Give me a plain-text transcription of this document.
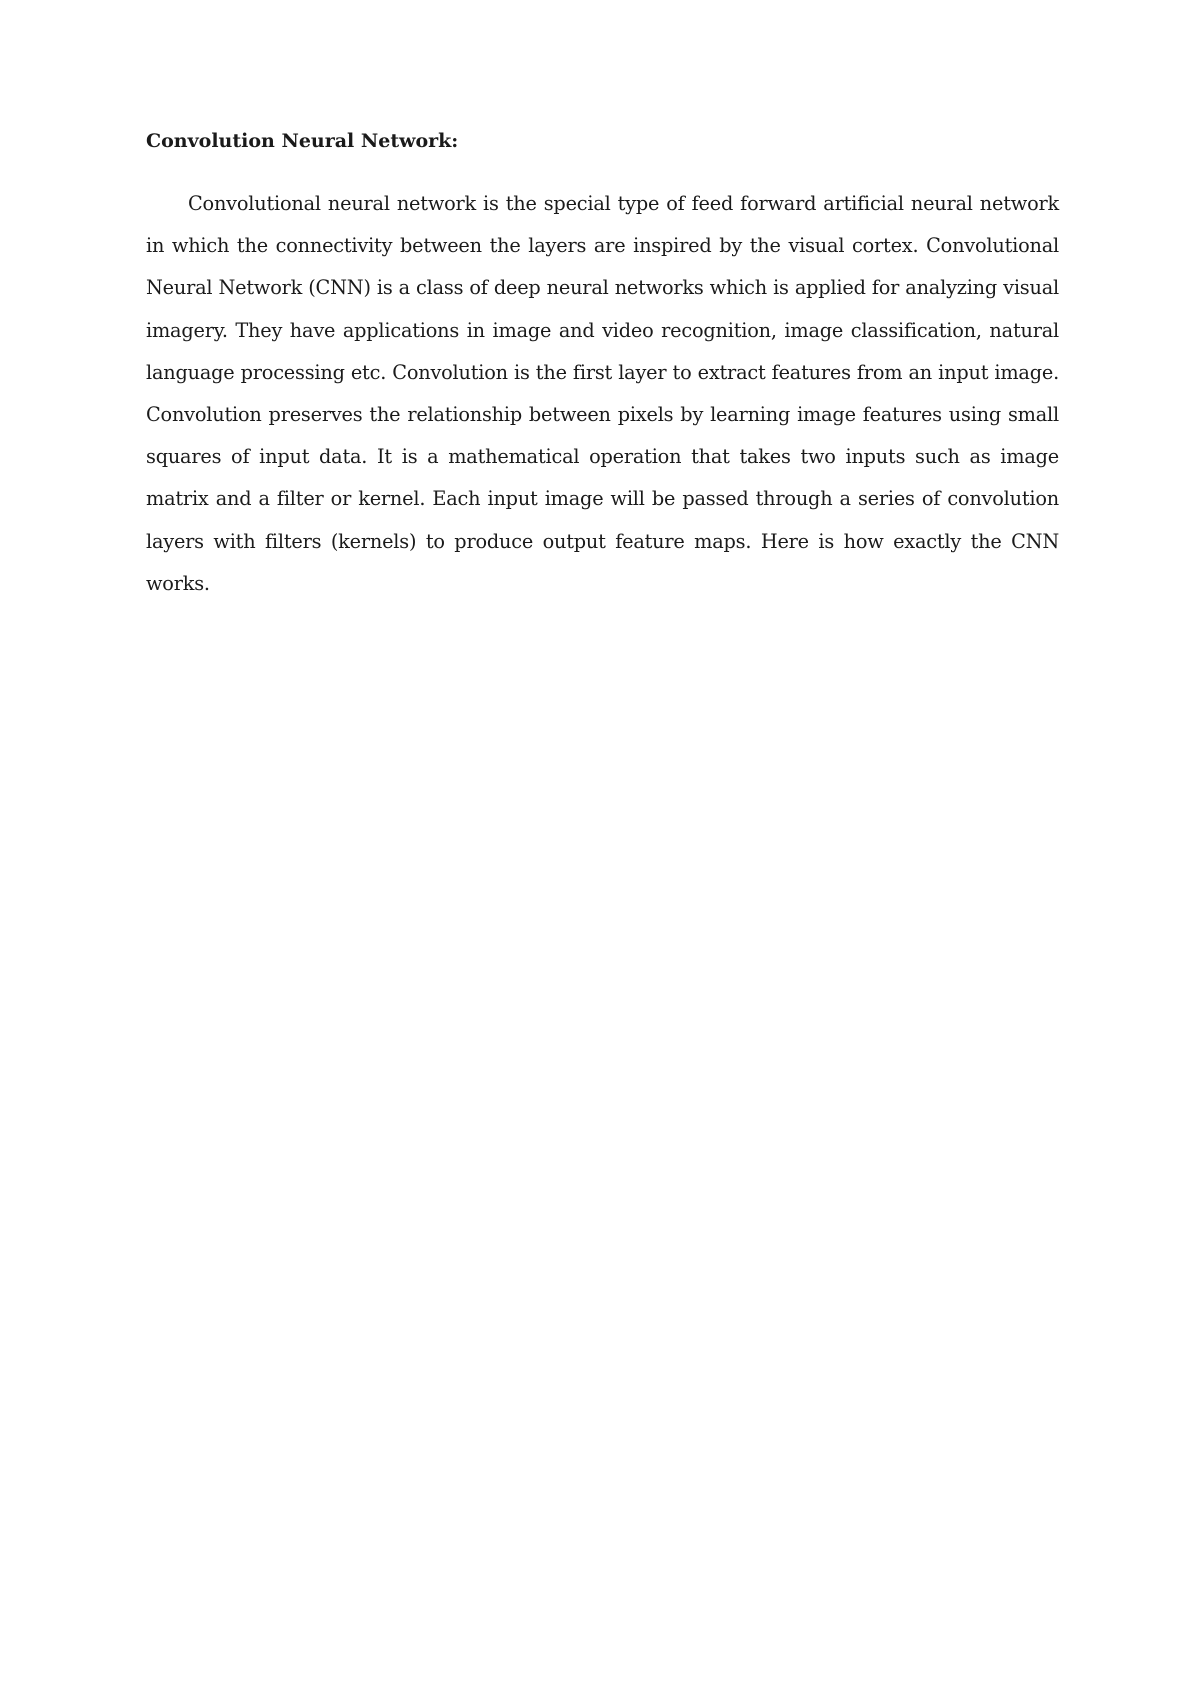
Convolution Neural Network:

Convolutional neural network is the special type of feed forward artificial neural network in which the connectivity between the layers are inspired by the visual cortex. Convolutional Neural Network (CNN) is a class of deep neural networks which is applied for analyzing visual imagery. They have applications in image and video recognition, image classification, natural language processing etc. Convolution is the first layer to extract features from an input image. Convolution preserves the relationship between pixels by learning image features using small squares of input data. It is a mathematical operation that takes two inputs such as image matrix and a filter or kernel. Each input image will be passed through a series of convolution layers with filters (kernels) to produce output feature maps. Here is how exactly the CNN works.
